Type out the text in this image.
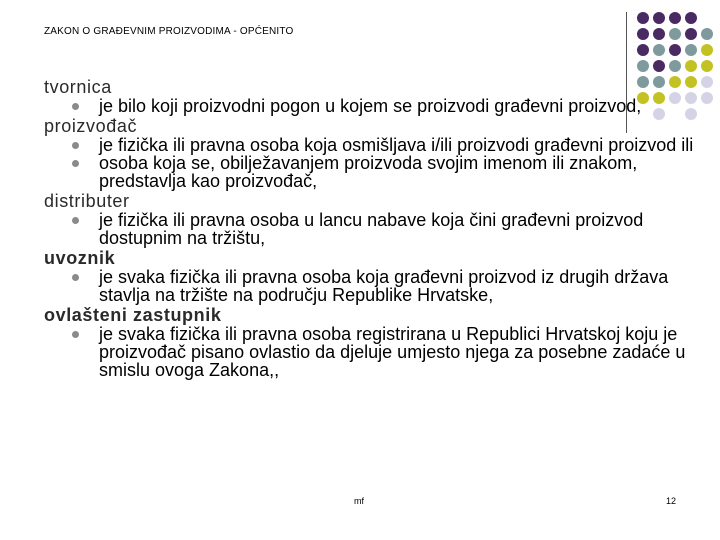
ZAKON O GRAĐEVNIM PROIZVODIMA - OPĆENITO
tvornica
je bilo koji proizvodni pogon u kojem se proizvodi građevni proizvod,
proizvođač
je fizička ili pravna osoba koja osmišljava i/ili proizvodi građevni proizvod ili
osoba koja se, obilježavanjem proizvoda svojim imenom ili znakom, predstavlja kao proizvođač,
distributer
je fizička ili pravna osoba u lancu nabave koja čini građevni proizvod dostupnim na tržištu,
uvoznik
je svaka fizička ili pravna osoba koja građevni proizvod iz drugih država stavlja na tržište na području Republike Hrvatske,
ovlašteni zastupnik
je svaka fizička ili pravna osoba registrirana u Republici Hrvatskoj koju je proizvođač pisano ovlastio da djeluje umjesto njega za posebne zadaće u smislu ovoga Zakona,,
mf	12
